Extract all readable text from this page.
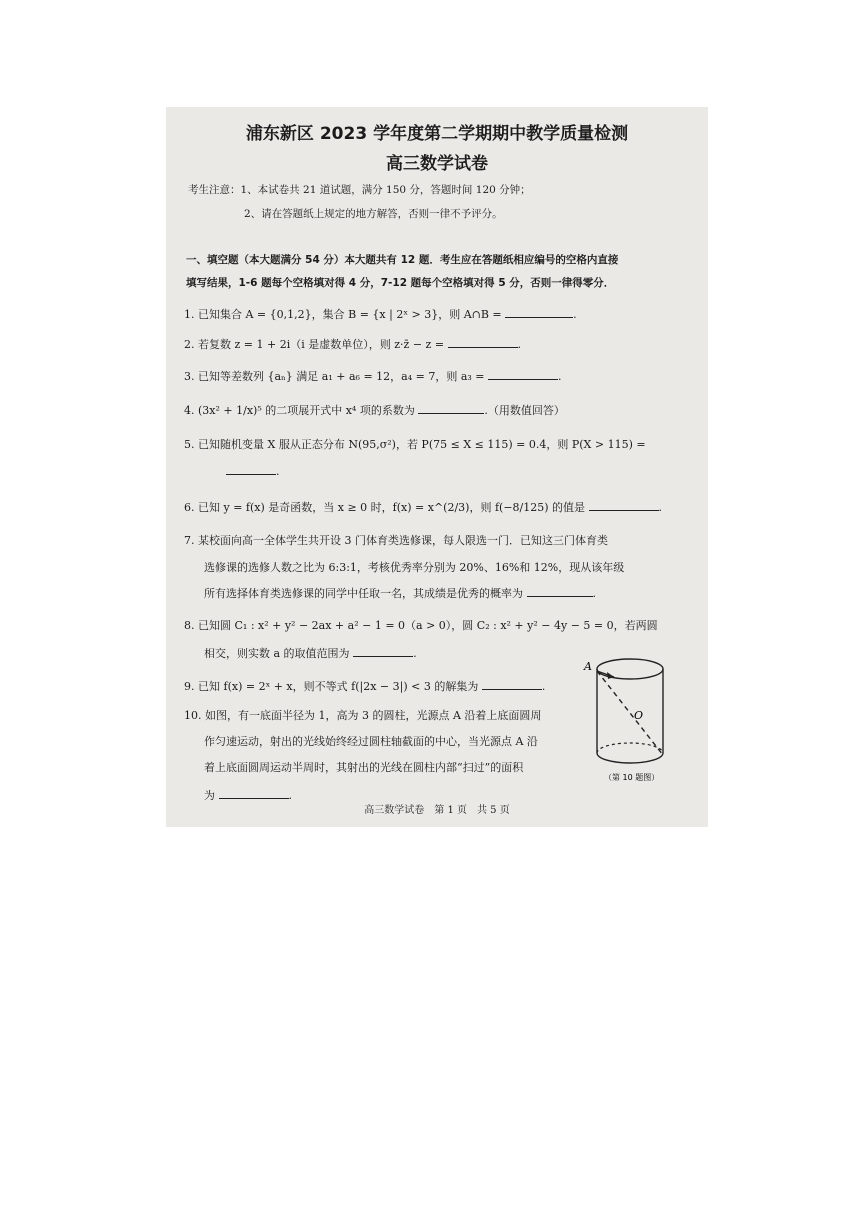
浦东新区 2023 学年度第二学期期中教学质量检测
高三数学试卷
考生注意：1、本试卷共 21 道试题，满分 150 分，答题时间 120 分钟；
2、请在答题纸上规定的地方解答，否则一律不予评分。
一、填空题（本大题满分 54 分）本大题共有 12 题．考生应在答题纸相应编号的空格内直接
填写结果，1-6 题每个空格填对得 4 分，7-12 题每个空格填对得 5 分，否则一律得零分．
1. 已知集合 A = {0,1,2}，集合 B = {x | 2ˣ > 3}，则 A∩B =	.
2. 若复数 z = 1 + 2i（i 是虚数单位），则 z·z̄ − z =	.
3. 已知等差数列 {aₙ} 满足 a₁ + a₆ = 12，a₄ = 7，则 a₃ =	.
4. (3x² + 1/x)⁵ 的二项展开式中 x⁴ 项的系数为	.（用数值回答）
5. 已知随机变量 X 服从正态分布 N(95,σ²)，若 P(75 ≤ X ≤ 115) = 0.4，则 P(X > 115) =
.
6. 已知 y = f(x) 是奇函数，当 x ≥ 0 时，f(x) = x^(2/3)，则 f(−8/125) 的值是	.
7. 某校面向高一全体学生共开设 3 门体育类选修课，每人限选一门．已知这三门体育类
选修课的选修人数之比为 6:3:1，考核优秀率分别为 20%、16%和 12%，现从该年级
所有选择体育类选修课的同学中任取一名，其成绩是优秀的概率为	.
8. 已知圆 C₁ : x² + y² − 2ax + a² − 1 = 0（a > 0），圆 C₂ : x² + y² − 4y − 5 = 0，若两圆
相交，则实数 a 的取值范围为	.
9. 已知 f(x) = 2ˣ + x，则不等式 f(|2x − 3|) < 3 的解集为	.
10. 如图，有一底面半径为 1，高为 3 的圆柱，光源点 A 沿着上底面圆周
作匀速运动，射出的光线始终经过圆柱轴截面的中心，当光源点 A 沿
着上底面圆周运动半周时，其射出的光线在圆柱内部“扫过”的面积
为	.
A
O
（第 10 题图）
高三数学试卷　第 1 页　共 5 页
